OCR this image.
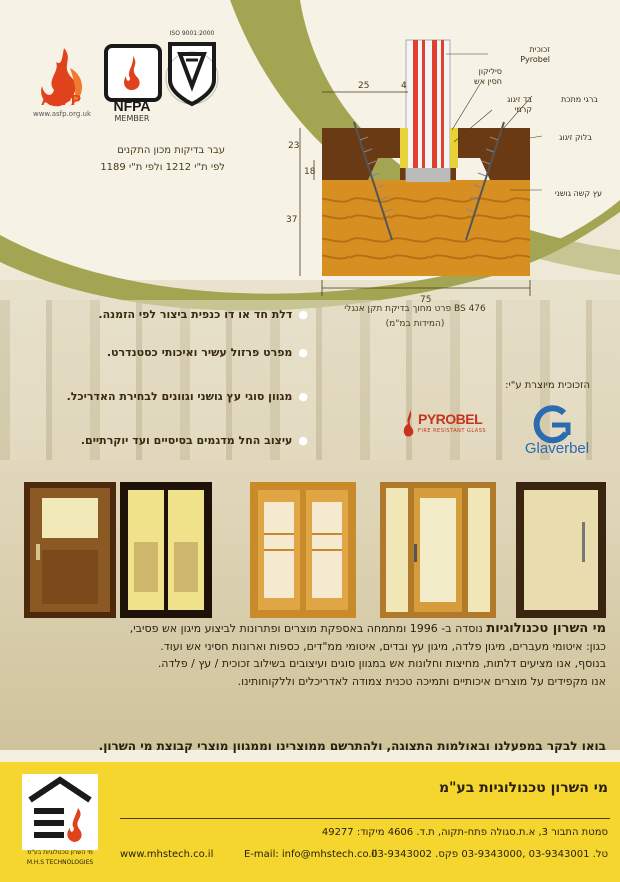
ASFP
www.asfp.org.uk	NFPA
MEMBER
ISO 9001:2000
עבר בדיקות מכון התקנים
לפי ת"י 1212 ולפי ת"י 1189
25	4
23
18
37
75
זכוכית Pyrobel
סיליקון חסין אש
בד זיגוג קרמי
ברגי מתכת
בלוק זיגוג
עץ קשה גושני
פרט מחוך בדיקת תקן אנגלי BS 476
(המידות במ"מ)
●דלת חד או דו כנפית ביצור לפי הזמנה.
●מפרט פרזול עשיר ואיכותי כסטנדרט.
●מגוון סוגי עץ גושני וגוונים לבחירת האדריכל.
●עיצוב החל מדגמים בסיסיים ועד יוקרתיים.
הזכוכית מיוצרת ע"י:
PYROBEL
FIRE RESISTANT GLASS
Glaverbel
מי השרון טכנולוגיות נוסדה ב- 1996 ומתמחה באספקת מוצרים ופתרונות לביצוע מיגון אש פסיבי,
כגון: איטומי מעברים, מיגון פלדה, מיגון עץ ובדים, איטומי ממ"דים, כספות וארונות חסיני אש ועוד.
בנוסף, אנו מציעים דלתות, מחיצות וחלונות אש במגוון סוגים ועיצובים בשילוב זכוכית / עץ / פלדה.
אנו מקפידים על מוצרים איכותיים ותמיכה טכנית צמודה לאדריכלים וללקוחותינו.
בואו לבקר במפעלנו ובאולמות התצוגה, ולהתרשם ממוצרינו וממגוון מוצרי קבוצת מי השרון.
מי השרון טכנולוגיות בע"מ
M.H.S TECHNOLOGIES
מי השרון טכנולוגיות בע"מ
סמטת התבור 3, א.ת.סגולה פתח-תקוה, ת.ד. 4606 מיקוד: 49277
טל. 03-9343001 ,03-9343000 פקס. 03-9343002
E-mail: info@mhstech.co.il
www.mhstech.co.il
